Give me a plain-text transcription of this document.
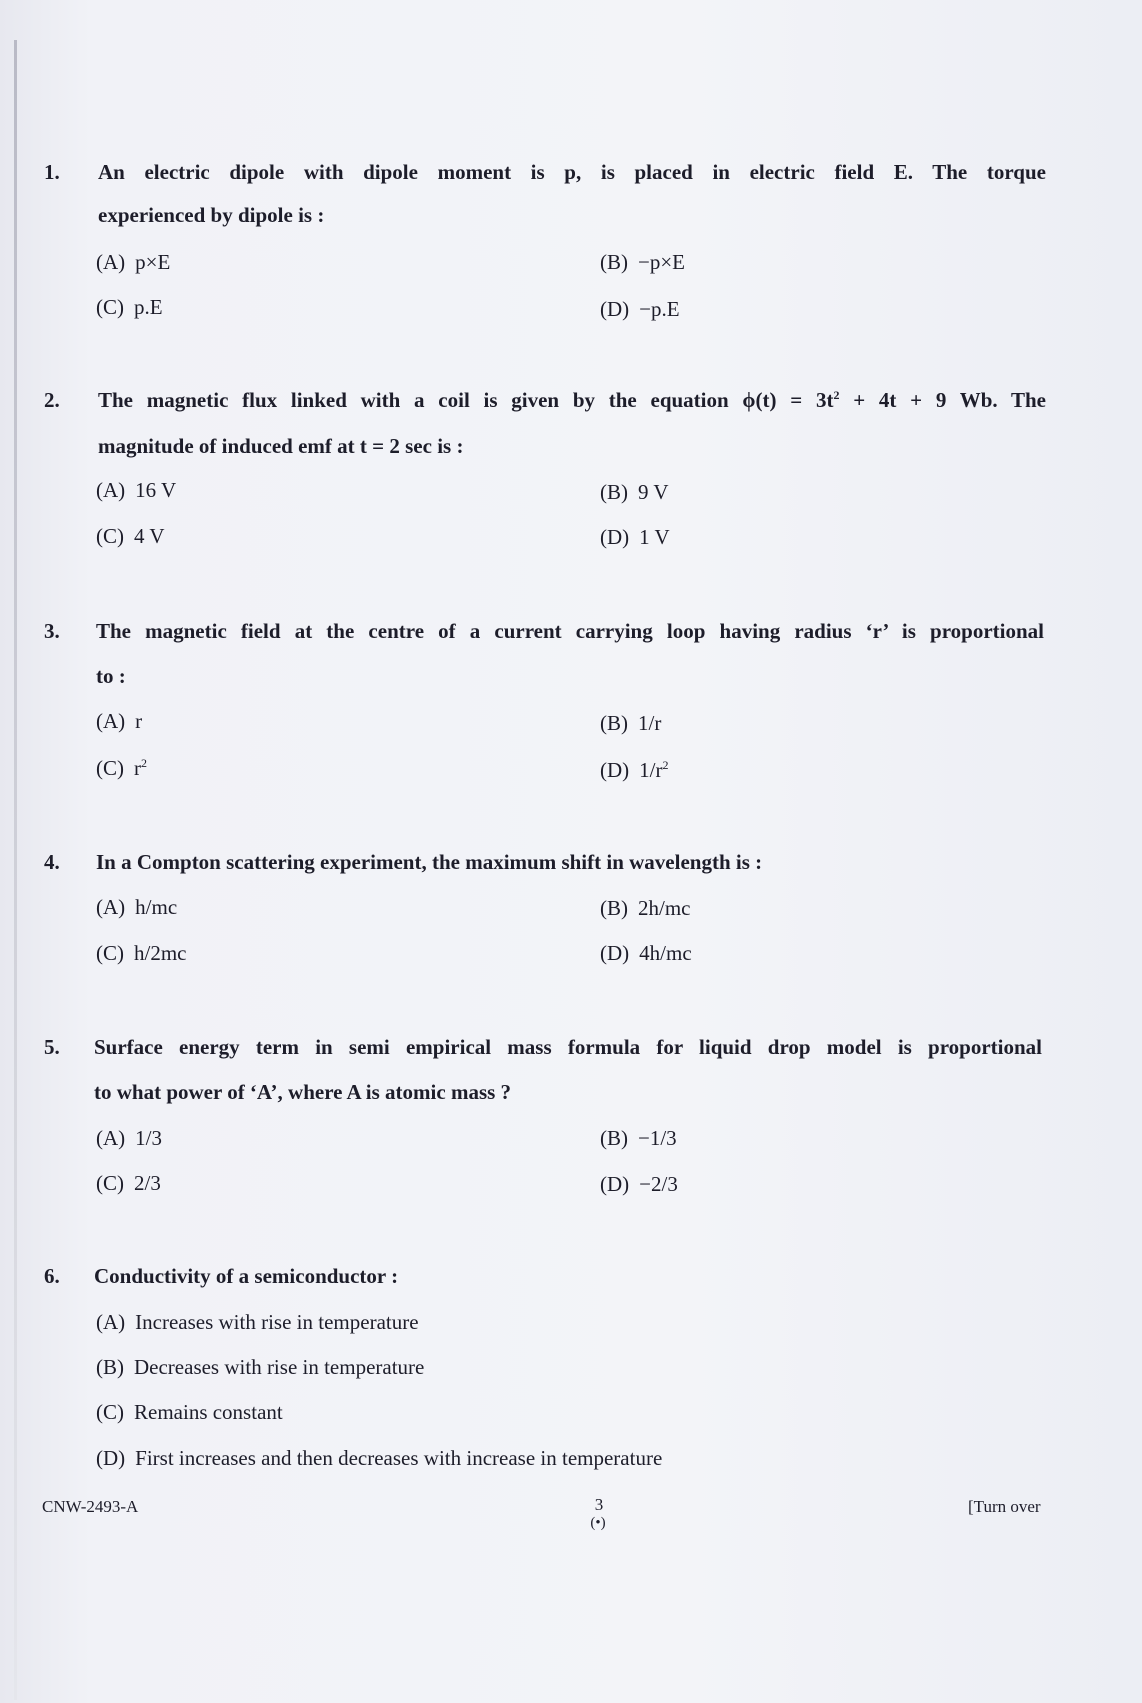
1. An electric dipole with dipole moment is p, is placed in electric field E. The torque
experienced by dipole is :
(A) p×E	(B) −p×E
(C) p.E	(D) −p.E
2. The magnetic flux linked with a coil is given by the equation $\phi(t) = 3t^2 + 4t + 9$ Wb. The
magnitude of induced emf at t = 2 sec is :
(A) 16 V	(B) 9 V
(C) 4 V	(D) 1 V
3. The magnetic field at the centre of a current carrying loop having radius ‘r’ is proportional
to :
(A) r	(B) 1/r
(C) $r^2$	(D) $1/r^2$
4. In a Compton scattering experiment, the maximum shift in wavelength is :
(A) h/mc	(B) 2h/mc
(C) h/2mc	(D) 4h/mc
5. Surface energy term in semi empirical mass formula for liquid drop model is proportional
to what power of ‘A’, where A is atomic mass ?
(A) 1/3	(B) −1/3
(C) 2/3	(D) −2/3
6. Conductivity of a semiconductor :
(A) Increases with rise in temperature
(B) Decreases with rise in temperature
(C) Remains constant
(D) First increases and then decreases with increase in temperature
CNW-2493-A	3
(•)
[Turn over
